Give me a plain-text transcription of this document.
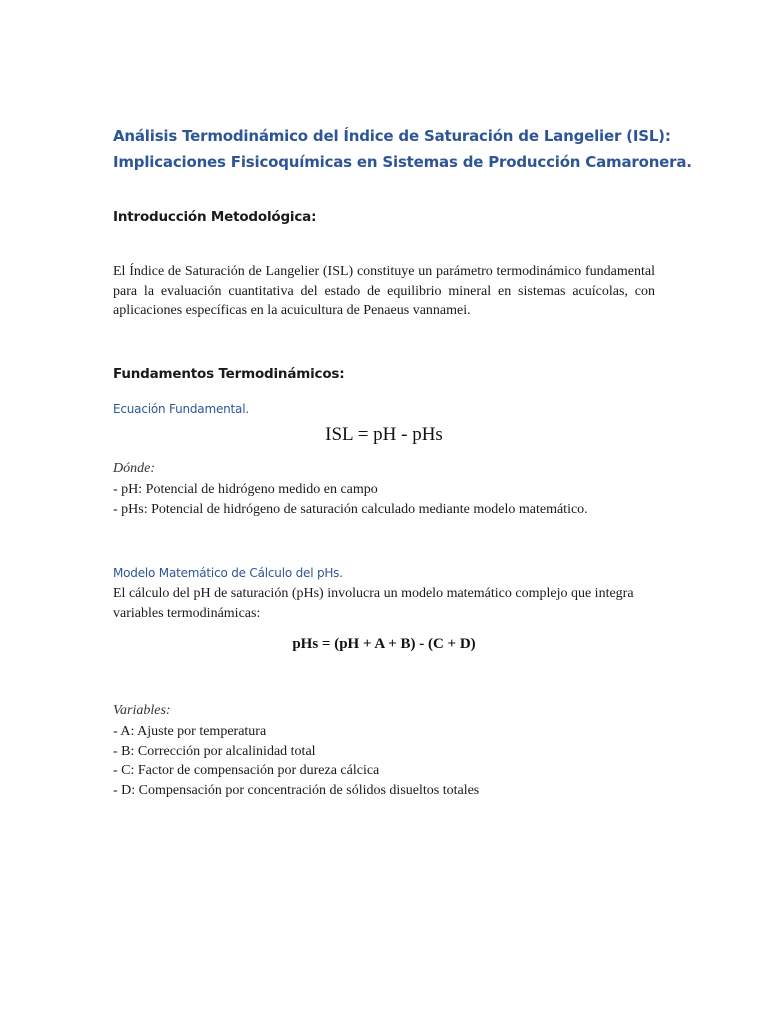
Análisis Termodinámico del Índice de Saturación de Langelier (ISL):
Implicaciones Fisicoquímicas en Sistemas de Producción Camaronera.
Introducción Metodológica:
El Índice de Saturación de Langelier (ISL) constituye un parámetro termodinámico fundamental para la evaluación cuantitativa del estado de equilibrio mineral en sistemas acuícolas, con aplicaciones específicas en la acuicultura de Penaeus vannamei.
Fundamentos Termodinámicos:
Ecuación Fundamental.
ISL = pH - pHs
Dónde:
- pH: Potencial de hidrógeno medido en campo
- pHs: Potencial de hidrógeno de saturación calculado mediante modelo matemático.
Modelo Matemático de Cálculo del pHs.
El cálculo del pH de saturación (pHs) involucra un modelo matemático complejo que integra variables termodinámicas:
pHs = (pH + A + B) - (C + D)
Variables:
- A: Ajuste por temperatura
- B: Corrección por alcalinidad total
- C: Factor de compensación por dureza cálcica
- D: Compensación por concentración de sólidos disueltos totales
